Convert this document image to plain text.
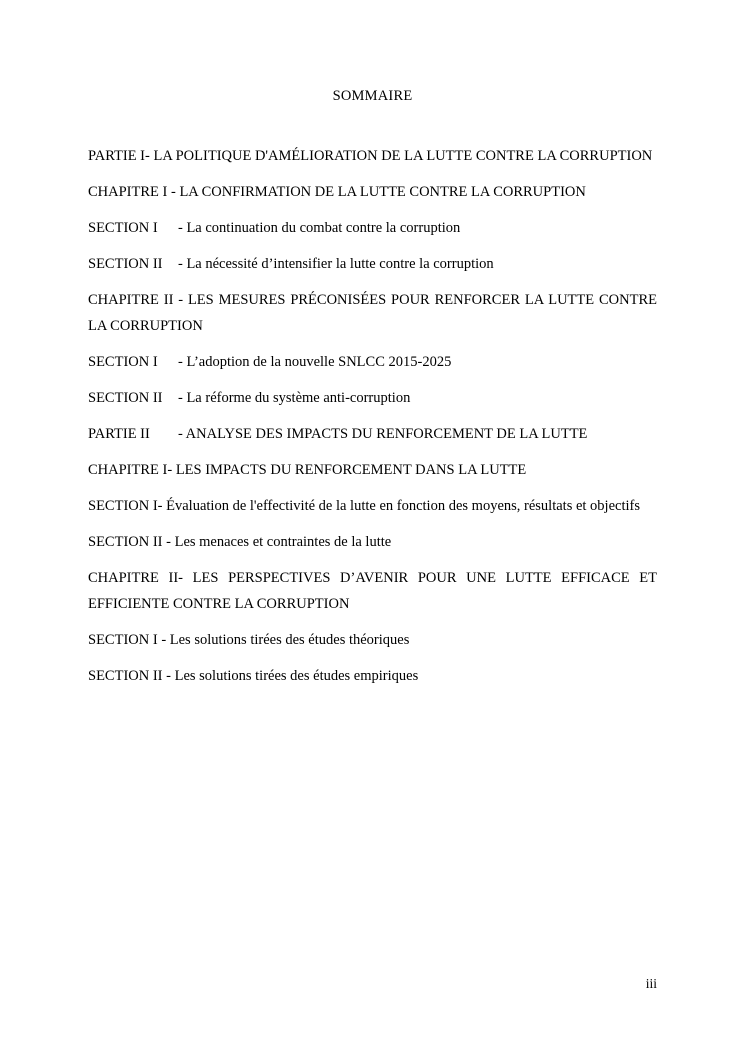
SOMMAIRE
PARTIE I- LA POLITIQUE D'AMÉLIORATION DE LA LUTTE CONTRE LA CORRUPTION
CHAPITRE I - LA CONFIRMATION DE LA LUTTE CONTRE LA CORRUPTION
SECTION I - La continuation du combat contre la corruption
SECTION II - La nécessité d’intensifier la lutte contre la corruption
CHAPITRE II - LES MESURES PRÉCONISÉES POUR RENFORCER LA LUTTE CONTRE LA CORRUPTION
SECTION I - L’adoption de la nouvelle SNLCC 2015-2025
SECTION II - La réforme du système anti-corruption
PARTIE II - ANALYSE DES IMPACTS DU RENFORCEMENT DE LA LUTTE
CHAPITRE I- LES IMPACTS DU RENFORCEMENT DANS LA LUTTE
SECTION I- Évaluation de l'effectivité de la lutte en fonction des moyens, résultats et objectifs
SECTION II - Les menaces et contraintes de la lutte
CHAPITRE II- LES PERSPECTIVES D’AVENIR POUR UNE LUTTE EFFICACE ET EFFICIENTE CONTRE LA CORRUPTION
SECTION I - Les solutions tirées des études théoriques
SECTION II - Les solutions tirées des études empiriques
iii
